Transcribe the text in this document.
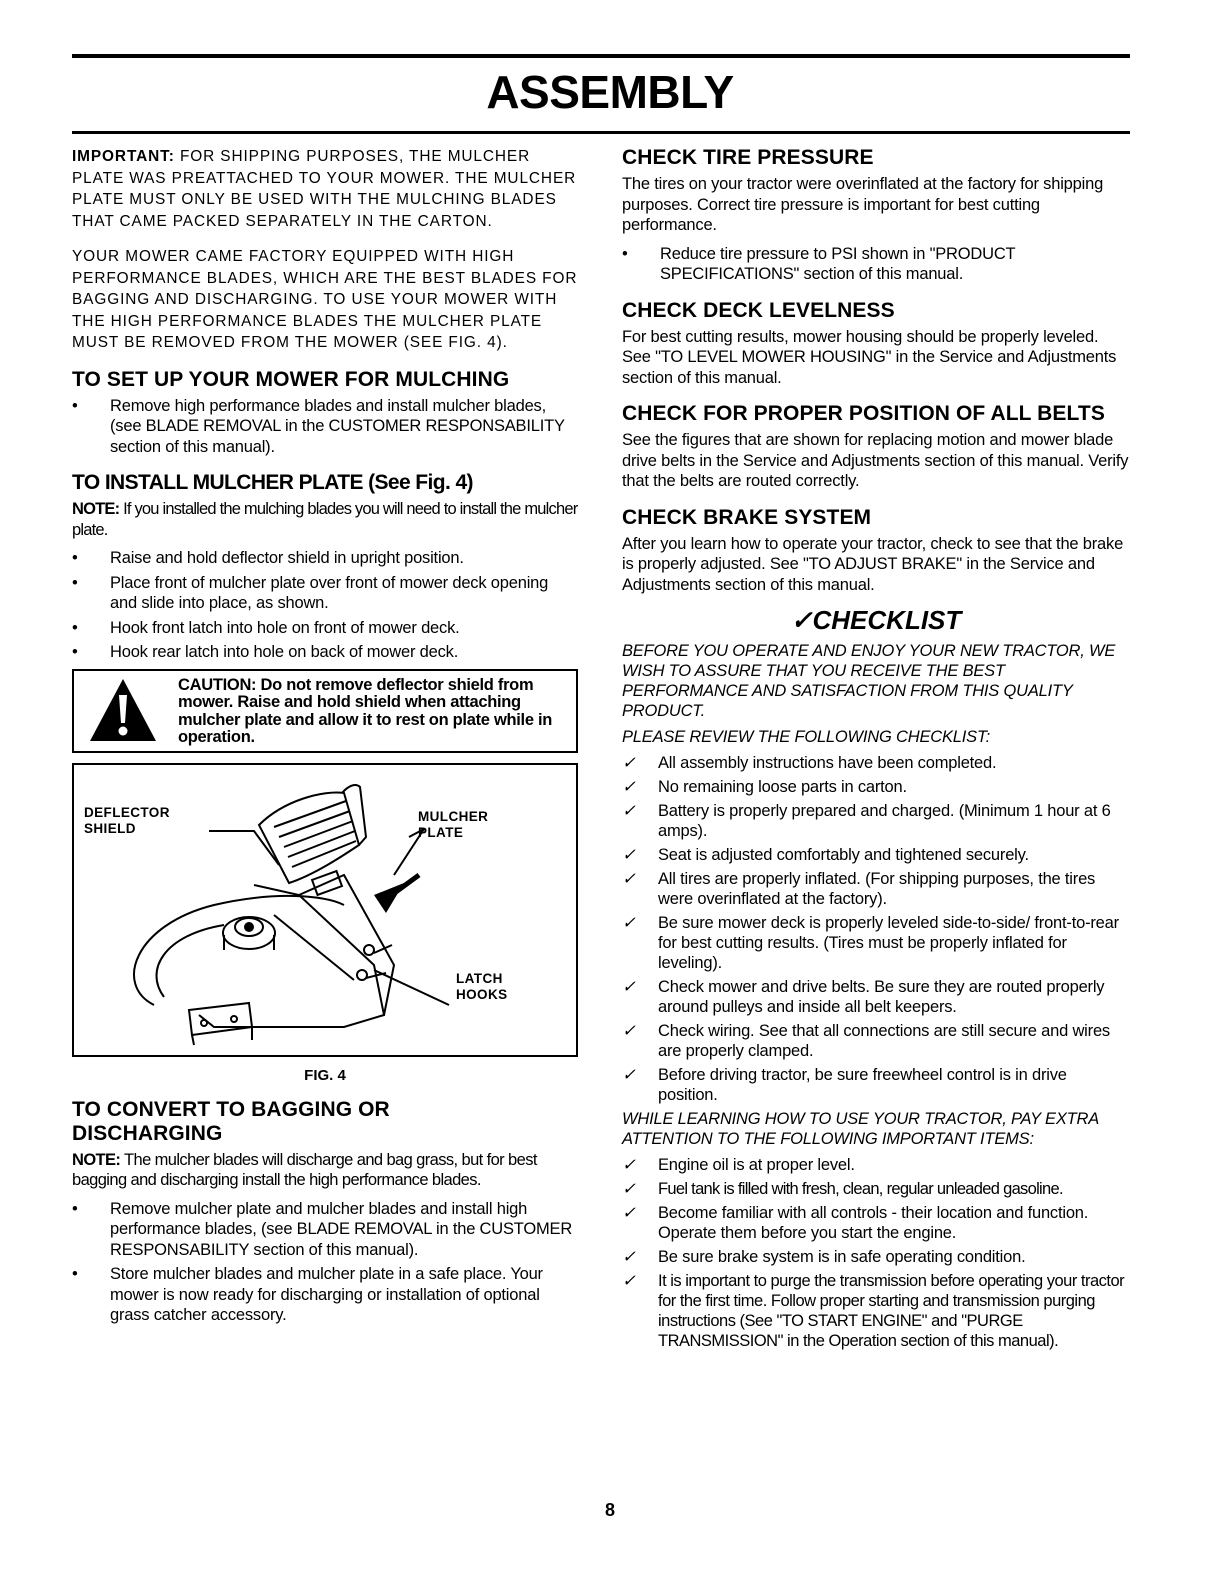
ASSEMBLY

IMPORTANT: FOR SHIPPING PURPOSES, THE MULCHER PLATE WAS PREATTACHED TO YOUR MOWER. THE MULCHER PLATE MUST ONLY BE USED WITH THE MULCHING BLADES THAT CAME PACKED SEPARATELY IN THE CARTON.

YOUR MOWER CAME FACTORY EQUIPPED WITH HIGH PERFORMANCE BLADES, WHICH ARE THE BEST BLADES FOR BAGGING AND DISCHARGING. TO USE YOUR MOWER WITH THE HIGH PERFORMANCE BLADES THE MULCHER PLATE MUST BE REMOVED FROM THE MOWER (SEE FIG. 4).

TO SET UP YOUR MOWER FOR MULCHING
• Remove high performance blades and install mulcher blades, (see BLADE REMOVAL in the CUSTOMER RESPONSABILITY section of this manual).
TO INSTALL MULCHER PLATE (See Fig. 4)

NOTE: If you installed the mulching blades you will need to install the mulcher plate.

• Raise and hold deflector shield in upright position.
• Place front of mulcher plate over front of mower deck opening and slide into place, as shown.
• Hook front latch into hole on front of mower deck.
• Hook rear latch into hole on back of mower deck.
CAUTION: Do not remove deflector shield from mower. Raise and hold shield when attaching mulcher plate and allow it to rest on plate while in operation.
DEFLECTOR
SHIELD
MULCHER
PLATE
LATCH
HOOKS
FIG. 4
TO CONVERT TO BAGGING OR
DISCHARGING

NOTE: The mulcher blades will discharge and bag grass, but for best bagging and discharging install the high performance blades.

• Remove mulcher plate and mulcher blades and install high performance blades, (see BLADE REMOVAL in the CUSTOMER RESPONSABILITY section of this manual).
• Store mulcher blades and mulcher plate in a safe place. Your mower is now ready for discharging or installation of optional grass catcher accessory.
CHECK TIRE PRESSURE

The tires on your tractor were overinflated at the factory for shipping purposes. Correct tire pressure is important for best cutting performance.

• Reduce tire pressure to PSI shown in "PRODUCT SPECIFICATIONS" section of this manual.
CHECK DECK LEVELNESS

For best cutting results, mower housing should be properly leveled. See "TO LEVEL MOWER HOUSING" in the Service and Adjustments section of this manual.

CHECK FOR PROPER POSITION OF ALL BELTS

See the figures that are shown for replacing motion and mower blade drive belts in the Service and Adjustments section of this manual. Verify that the belts are routed correctly.

CHECK BRAKE SYSTEM

After you learn how to operate your tractor, check to see that the brake is properly adjusted. See "TO ADJUST BRAKE" in the Service and Adjustments section of this manual.

✓CHECKLIST

BEFORE YOU OPERATE AND ENJOY YOUR NEW TRACTOR, WE WISH TO ASSURE THAT YOU RECEIVE THE BEST PERFORMANCE AND SATISFACTION FROM THIS QUALITY PRODUCT.

PLEASE REVIEW THE FOLLOWING CHECKLIST:

✓ All assembly instructions have been completed.
✓ No remaining loose parts in carton.
✓ Battery is properly prepared and charged. (Minimum 1 hour at 6 amps).
✓ Seat is adjusted comfortably and tightened securely.
✓ All tires are properly inflated. (For shipping purposes, the tires were overinflated at the factory).
✓ Be sure mower deck is properly leveled side-to-side/ front-to-rear for best cutting results. (Tires must be properly inflated for leveling).
✓ Check mower and drive belts. Be sure they are routed properly around pulleys and inside all belt keepers.
✓ Check wiring. See that all connections are still secure and wires are properly clamped.
✓ Before driving tractor, be sure freewheel control is in drive position.

WHILE LEARNING HOW TO USE YOUR TRACTOR, PAY EXTRA ATTENTION TO THE FOLLOWING IMPORTANT ITEMS:

✓ Engine oil is at proper level.
✓ Fuel tank is filled with fresh, clean, regular unleaded gasoline.
✓ Become familiar with all controls - their location and function. Operate them before you start the engine.
✓ Be sure brake system is in safe operating condition.
✓ It is important to purge the transmission before operating your tractor for the first time. Follow proper starting and transmission purging instructions (See "TO START ENGINE" and "PURGE TRANSMISSION" in the Operation section of this manual).
8
